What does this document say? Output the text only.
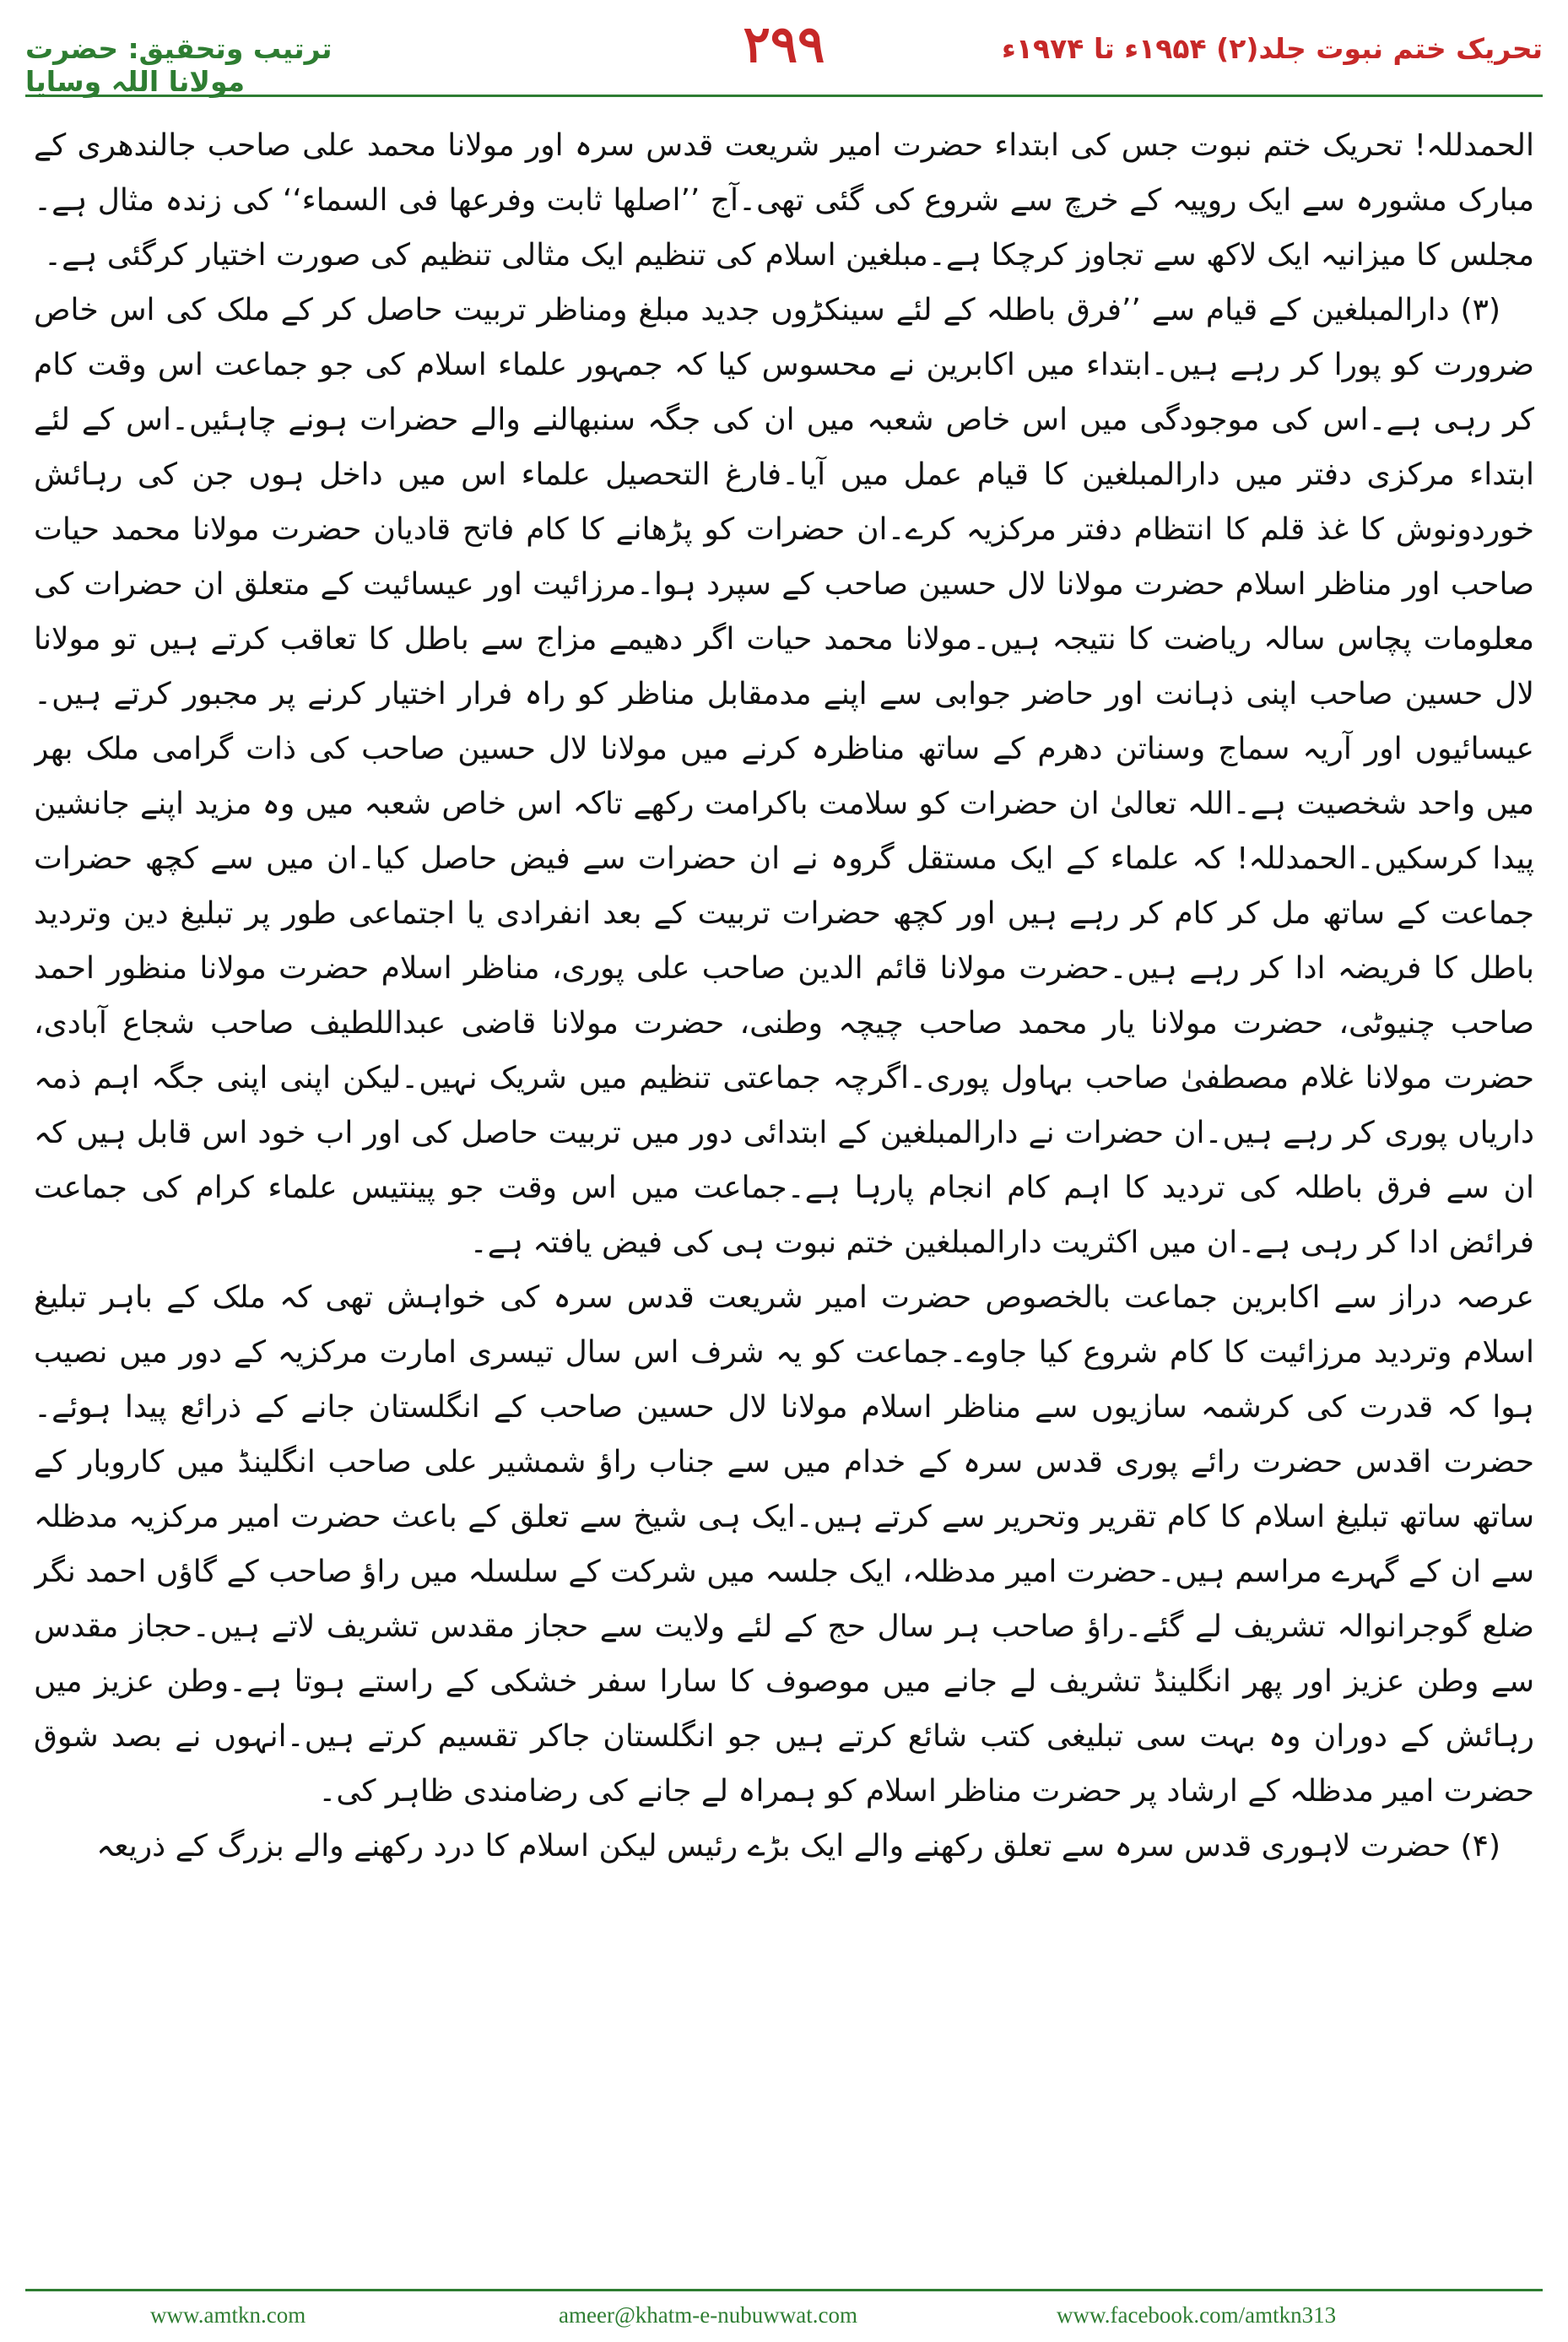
تحریک ختم نبوت جلد(۲) ۱۹۵۴ء تا ۱۹۷۴ء
۲۹۹
ترتیب وتحقیق: حضرت مولانا اللہ وسایا

الحمدللہ! تحریک ختم نبوت جس کی ابتداء حضرت امیر شریعت قدس سرہ اور مولانا محمد علی صاحب جالندھری کے مبارک مشورہ سے ایک روپیہ کے خرچ سے شروع کی گئی تھی۔آج ’’اصلھا ثابت وفرعھا فی السماء‘‘ کی زندہ مثال ہے۔مجلس کا میزانیہ ایک لاکھ سے تجاوز کرچکا ہے۔مبلغین اسلام کی تنظیم ایک مثالی تنظیم کی صورت اختیار کرگئی ہے۔

(۳) دارالمبلغین کے قیام سے ’’فرق باطلہ کے لئے سینکڑوں جدید مبلغ ومناظر تربیت حاصل کر کے ملک کی اس خاص ضرورت کو پورا کر رہے ہیں۔ابتداء میں اکابرین نے محسوس کیا کہ جمہور علماء اسلام کی جو جماعت اس وقت کام کر رہی ہے۔اس کی موجودگی میں اس خاص شعبہ میں ان کی جگہ سنبھالنے والے حضرات ہونے چاہئیں۔اس کے لئے ابتداء مرکزی دفتر میں دارالمبلغین کا قیام عمل میں آیا۔فارغ التحصیل علماء اس میں داخل ہوں جن کی رہائش خوردونوش کا غذ قلم کا انتظام دفتر مرکزیہ کرے۔ان حضرات کو پڑھانے کا کام فاتح قادیان حضرت مولانا محمد حیات صاحب اور مناظر اسلام حضرت مولانا لال حسین صاحب کے سپرد ہوا۔مرزائیت اور عیسائیت کے متعلق ان حضرات کی معلومات پچاس سالہ ریاضت کا نتیجہ ہیں۔مولانا محمد حیات اگر دھیمے مزاج سے باطل کا تعاقب کرتے ہیں تو مولانا لال حسین صاحب اپنی ذہانت اور حاضر جوابی سے اپنے مدمقابل مناظر کو راہ فرار اختیار کرنے پر مجبور کرتے ہیں۔عیسائیوں اور آریہ سماج وسناتن دھرم کے ساتھ مناظرہ کرنے میں مولانا لال حسین صاحب کی ذات گرامی ملک بھر میں واحد شخصیت ہے۔اللہ تعالیٰ ان حضرات کو سلامت باکرامت رکھے تاکہ اس خاص شعبہ میں وہ مزید اپنے جانشین پیدا کرسکیں۔الحمدللہ! کہ علماء کے ایک مستقل گروہ نے ان حضرات سے فیض حاصل کیا۔ان میں سے کچھ حضرات جماعت کے ساتھ مل کر کام کر رہے ہیں اور کچھ حضرات تربیت کے بعد انفرادی یا اجتماعی طور پر تبلیغ دین وتردید باطل کا فریضہ ادا کر رہے ہیں۔حضرت مولانا قائم الدین صاحب علی پوری، مناظر اسلام حضرت مولانا منظور احمد صاحب چنیوٹی، حضرت مولانا یار محمد صاحب چیچہ وطنی، حضرت مولانا قاضی عبداللطیف صاحب شجاع آبادی، حضرت مولانا غلام مصطفیٰ صاحب بہاول پوری۔اگرچہ جماعتی تنظیم میں شریک نہیں۔لیکن اپنی اپنی جگہ اہم ذمہ داریاں پوری کر رہے ہیں۔ان حضرات نے دارالمبلغین کے ابتدائی دور میں تربیت حاصل کی اور اب خود اس قابل ہیں کہ ان سے فرق باطلہ کی تردید کا اہم کام انجام پارہا ہے۔جماعت میں اس وقت جو پینتیس علماء کرام کی جماعت فرائض ادا کر رہی ہے۔ان میں اکثریت دارالمبلغین ختم نبوت ہی کی فیض یافتہ ہے۔

عرصہ دراز سے اکابرین جماعت بالخصوص حضرت امیر شریعت قدس سرہ کی خواہش تھی کہ ملک کے باہر تبلیغ اسلام وتردید مرزائیت کا کام شروع کیا جاوے۔جماعت کو یہ شرف اس سال تیسری امارت مرکزیہ کے دور میں نصیب ہوا کہ قدرت کی کرشمہ سازیوں سے مناظر اسلام مولانا لال حسین صاحب کے انگلستان جانے کے ذرائع پیدا ہوئے۔حضرت اقدس حضرت رائے پوری قدس سرہ کے خدام میں سے جناب راؤ شمشیر علی صاحب انگلینڈ میں کاروبار کے ساتھ ساتھ تبلیغ اسلام کا کام تقریر وتحریر سے کرتے ہیں۔ایک ہی شیخ سے تعلق کے باعث حضرت امیر مرکزیہ مدظلہ سے ان کے گہرے مراسم ہیں۔حضرت امیر مدظلہ، ایک جلسہ میں شرکت کے سلسلہ میں راؤ صاحب کے گاؤں احمد نگر ضلع گوجرانوالہ تشریف لے گئے۔راؤ صاحب ہر سال حج کے لئے ولایت سے حجاز مقدس تشریف لاتے ہیں۔حجاز مقدس سے وطن عزیز اور پھر انگلینڈ تشریف لے جانے میں موصوف کا سارا سفر خشکی کے راستے ہوتا ہے۔وطن عزیز میں رہائش کے دوران وہ بہت سی تبلیغی کتب شائع کرتے ہیں جو انگلستان جاکر تقسیم کرتے ہیں۔انہوں نے بصد شوق حضرت امیر مدظلہ کے ارشاد پر حضرت مناظر اسلام کو ہمراہ لے جانے کی رضامندی ظاہر کی۔

(۴) حضرت لاہوری قدس سرہ سے تعلق رکھنے والے ایک بڑے رئیس لیکن اسلام کا درد رکھنے والے بزرگ کے ذریعہ

www.amtkn.com	ameer@khatm-e-nubuwwat.com	www.facebook.com/amtkn313
